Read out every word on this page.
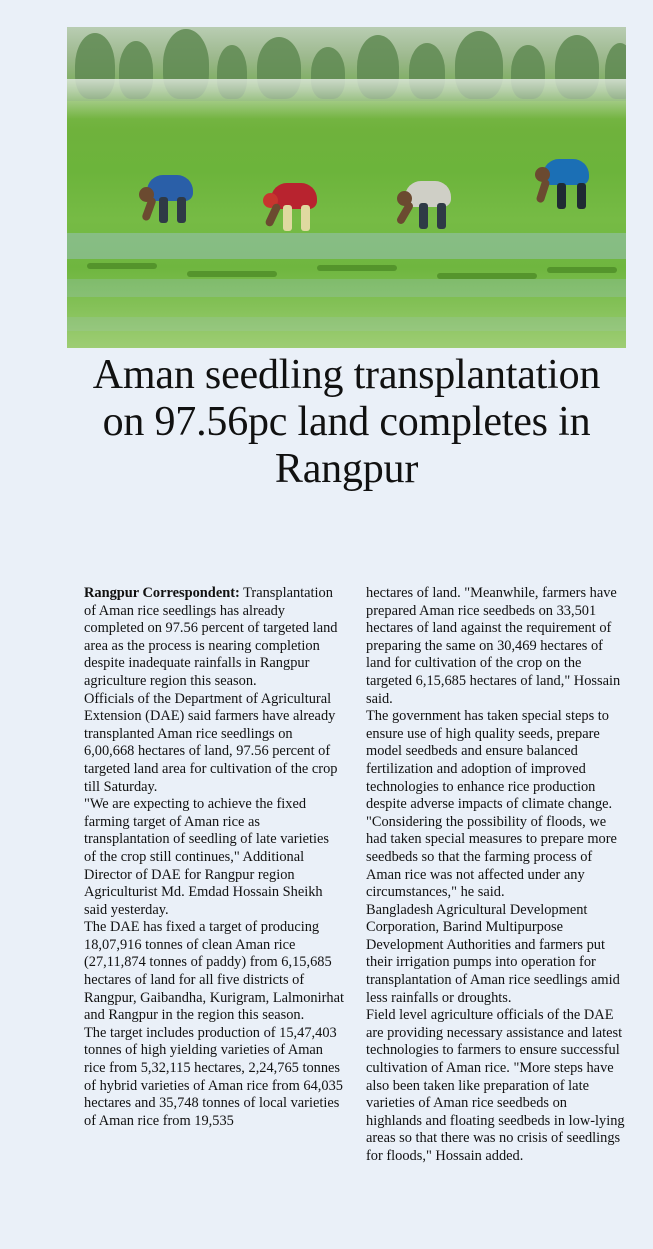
Aman seedling transplantation on 97.56pc land completes in Rangpur

Rangpur Correspondent: Transplantation of Aman rice seedlings has already completed on 97.56 percent of targeted land area as the process is nearing completion despite inadequate rainfalls in Rangpur agriculture region this season.

Officials of the Department of Agricultural Extension (DAE) said farmers have already transplanted Aman rice seedlings on 6,00,668 hectares of land, 97.56 percent of targeted land area for cultivation of the crop till Saturday.

"We are expecting to achieve the fixed farming target of Aman rice as transplantation of seedling of late varieties of the crop still continues," Additional Director of DAE for Rangpur region Agriculturist Md. Emdad Hossain Sheikh said yesterday.

The DAE has fixed a target of producing 18,07,916 tonnes of clean Aman rice (27,11,874 tonnes of paddy) from 6,15,685 hectares of land for all five districts of Rangpur, Gaibandha, Kurigram, Lalmonirhat and Rangpur in the region this season.

The target includes production of 15,47,403 tonnes of high yielding varieties of Aman rice from 5,32,115 hectares, 2,24,765 tonnes of hybrid varieties of Aman rice from 64,035 hectares and 35,748 tonnes of local varieties of Aman rice from 19,535

hectares of land. "Meanwhile, farmers have prepared Aman rice seedbeds on 33,501 hectares of land against the requirement of preparing the same on 30,469 hectares of land for cultivation of the crop on the targeted 6,15,685 hectares of land," Hossain said.

The government has taken special steps to ensure use of high quality seeds, prepare model seedbeds and ensure balanced fertilization and adoption of improved technologies to enhance rice production despite adverse impacts of climate change.

"Considering the possibility of floods, we had taken special measures to prepare more seedbeds so that the farming process of Aman rice was not affected under any circumstances," he said.

Bangladesh Agricultural Development Corporation, Barind Multipurpose Development Authorities and farmers put their irrigation pumps into operation for transplantation of Aman rice seedlings amid less rainfalls or droughts.

Field level agriculture officials of the DAE are providing necessary assistance and latest technologies to farmers to ensure successful cultivation of Aman rice. "More steps have also been taken like preparation of late varieties of Aman rice seedbeds on highlands and floating seedbeds in low-lying areas so that there was no crisis of seedlings for floods," Hossain added.
